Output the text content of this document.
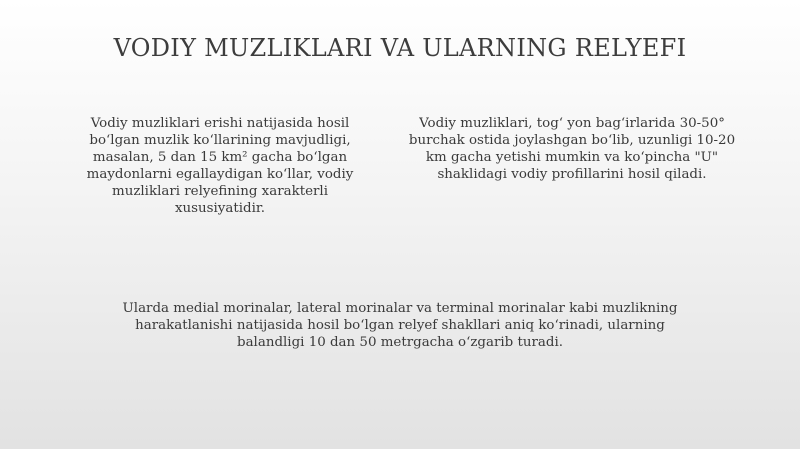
VODIY MUZLIKLARI VA ULARNING RELYEFI

Vodiy muzliklari erishi natijasida hosil boʻlgan muzlik koʻllarining mavjudligi, masalan, 5 dan 15 km² gacha boʻlgan maydonlarni egallaydigan koʻllar, vodiy muzliklari relyefining xarakterli xususiyatidir.

Vodiy muzliklari, togʻ yon bagʻirlarida 30-50° burchak ostida joylashgan boʻlib, uzunligi 10-20 km gacha yetishi mumkin va koʻpincha "U" shaklidagi vodiy profillarini hosil qiladi.

Ularda medial morinalar, lateral morinalar va terminal morinalar kabi muzlikning harakatlanishi natijasida hosil boʻlgan relyef shakllari aniq koʻrinadi, ularning balandligi 10 dan 50 metrgacha oʻzgarib turadi.
